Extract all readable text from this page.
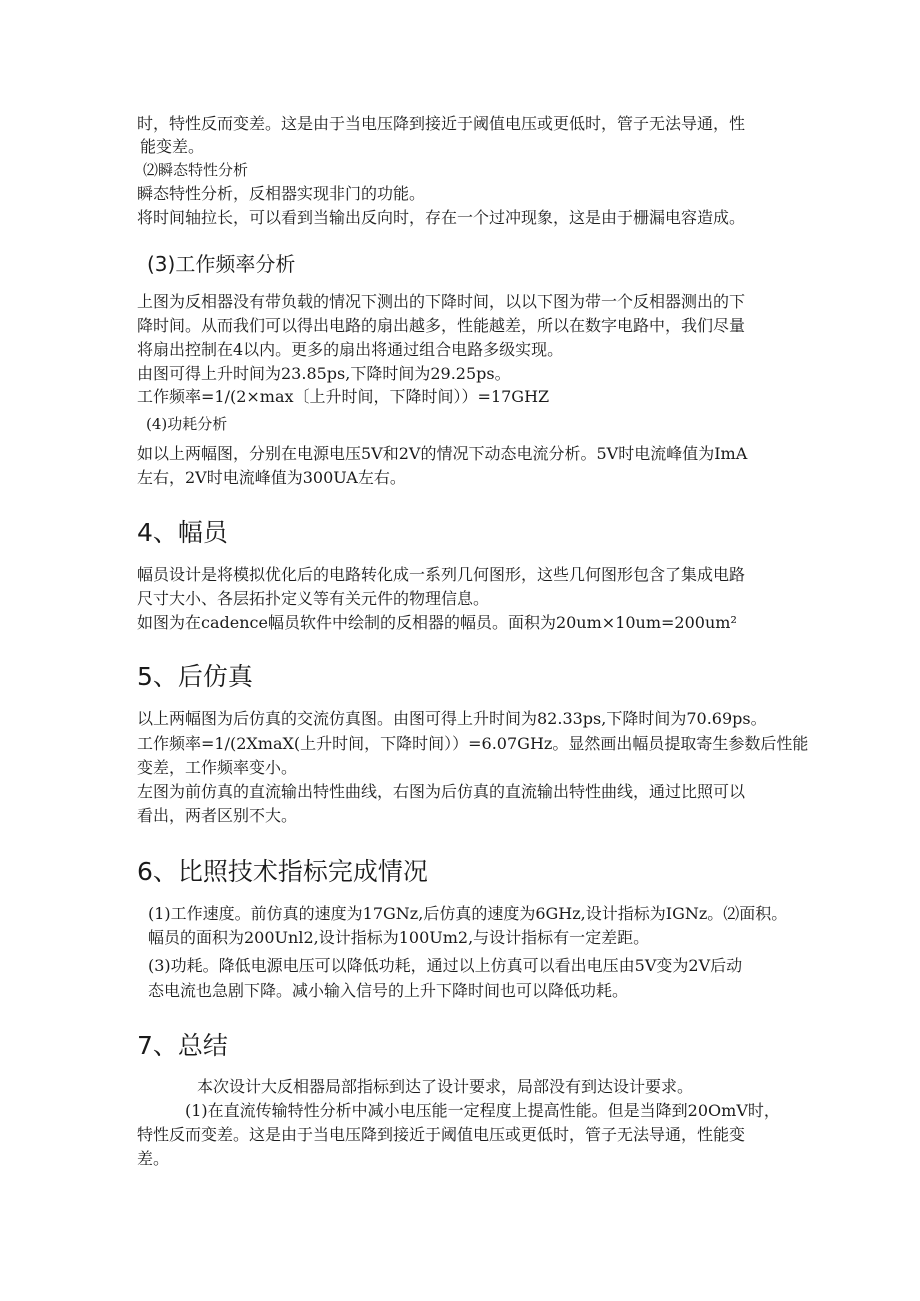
时，特性反而变差。这是由于当电压降到接近于阈值电压或更低时，管子无法导通，性
能变差。
⑵瞬态特性分析
瞬态特性分析，反相器实现非门的功能。
将时间轴拉长，可以看到当输出反向时，存在一个过冲现象，这是由于栅漏电容造成。
(3)工作频率分析
上图为反相器没有带负载的情况下测出的下降时间，以以下图为带一个反相器测出的下
降时间。从而我们可以得出电路的扇出越多，性能越差，所以在数字电路中，我们尽量
将扇出控制在4以内。更多的扇出将通过组合电路多级实现。
由图可得上升时间为23.85ps,下降时间为29.25ps。
工作频率=1/(2×max〔上升时间，下降时间））=17GHZ
(4)功耗分析
如以上两幅图，分别在电源电压5V和2V的情况下动态电流分析。5V时电流峰值为ImA
左右，2V时电流峰值为300UA左右。
4、幅员
幅员设计是将模拟优化后的电路转化成一系列几何图形，这些几何图形包含了集成电路
尺寸大小、各层拓扑定义等有关元件的物理信息。
如图为在cadence幅员软件中绘制的反相器的幅员。面积为20um×10um=200um²
5、后仿真
以上两幅图为后仿真的交流仿真图。由图可得上升时间为82.33ps,下降时间为70.69ps。
工作频率=1/(2XmaX(上升时间，下降时间））=6.07GHz。显然画出幅员提取寄生参数后性能
变差，工作频率变小。
左图为前仿真的直流输出特性曲线，右图为后仿真的直流输出特性曲线，通过比照可以
看出，两者区别不大。
6、比照技术指标完成情况
(1)工作速度。前仿真的速度为17GNz,后仿真的速度为6GHz,设计指标为IGNz。⑵面积。
幅员的面积为200Unl2,设计指标为100Um2,与设计指标有一定差距。
(3)功耗。降低电源电压可以降低功耗，通过以上仿真可以看出电压由5V变为2V后动
态电流也急剧下降。减小输入信号的上升下降时间也可以降低功耗。
7、总结
本次设计大反相器局部指标到达了设计要求，局部没有到达设计要求。
(1)在直流传输特性分析中减小电压能一定程度上提高性能。但是当降到20OmV时，
特性反而变差。这是由于当电压降到接近于阈值电压或更低时，管子无法导通，性能变
差。
